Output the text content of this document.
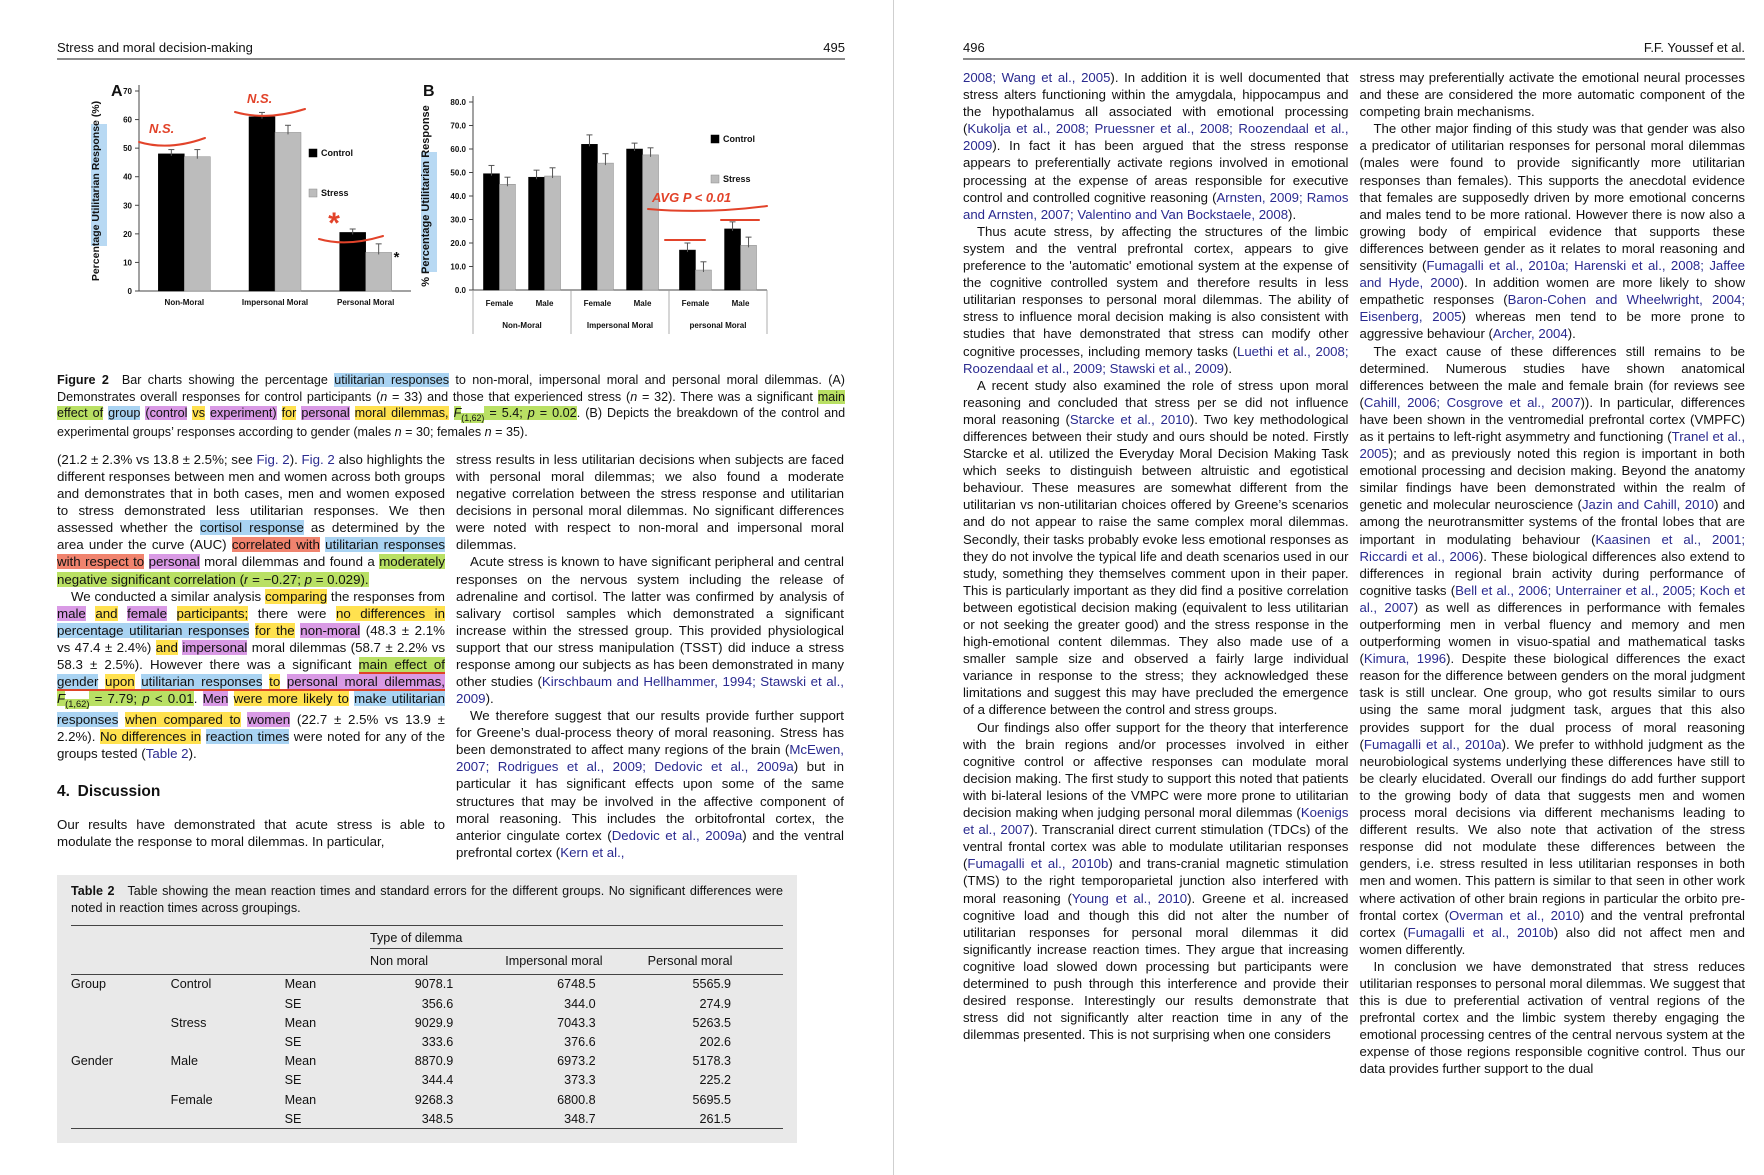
Stress and moral decision-making	495
Percentage Utilitarian Response (%)
0
10
20
30
40
50
60
70
Non-Moral	Impersonal Moral	Personal Moral
Control
Stress
A
N.S.
N.S.
*
* % Percentage Utilitarian Response
0.0
10.0
20.0
30.0
40.0
50.0
60.0
70.0
80.0
Female	Male	Female	Male	Female	Male
Non-Moral	Impersonal Moral	personal Moral
Control
Stress
B
AVG P < 0.01

Figure 2 Bar charts showing the percentage utilitarian responses to non-moral, impersonal moral and personal moral dilemmas. (A) Demonstrates overall responses for control participants (n = 33) and those that experienced stress (n = 32). There was a significant main effect of group (control vs experiment) for personal moral dilemmas, $F_{(1,62)} = 5.4$; p = 0.02. (B) Depicts the breakdown of the control and experimental groups’ responses according to gender (males n = 30; females n = 35).

(21.2 ± 2.3% vs 13.8 ± 2.5%; see Fig. 2). Fig. 2 also highlights the different responses between men and women across both groups and demonstrates that in both cases, men and women exposed to stress demonstrated less utilitarian responses. We then assessed whether the cortisol response as determined by the area under the curve (AUC) correlated with utilitarian responses with respect to personal moral dilemmas and found a moderately negative significant correlation (r = −0.27; p = 0.029).

We conducted a similar analysis comparing the responses from male and female participants; there were no differences in percentage utilitarian responses for the non-moral (48.3 ± 2.1% vs 47.4 ± 2.4%) and impersonal moral dilemmas (58.7 ± 2.2% vs 58.3 ± 2.5%). However there was a significant main effect of gender upon utilitarian responses to personal moral dilemmas, $F_{(1,62)} = 7.79$; p < 0.01. Men were more likely to make utilitarian responses when compared to women (22.7 ± 2.5% vs 13.9 ± 2.2%). No differences in reaction times were noted for any of the groups tested (Table 2).

4. Discussion

Our results have demonstrated that acute stress is able to modulate the response to moral dilemmas. In particular,

stress results in less utilitarian decisions when subjects are faced with personal moral dilemmas; we also found a moderate negative correlation between the stress response and utilitarian decisions in personal moral dilemmas. No significant differences were noted with respect to non-moral and impersonal moral dilemmas.

Acute stress is known to have significant peripheral and central responses on the nervous system including the release of adrenaline and cortisol. The latter was confirmed by analysis of salivary cortisol samples which demonstrated a significant increase within the stressed group. This provided physiological support that our stress manipulation (TSST) did induce a stress response among our subjects as has been demonstrated in many other studies (Kirschbaum and Hellhammer, 1994; Stawski et al., 2009).

We therefore suggest that our results provide further support for Greene’s dual-process theory of moral reasoning. Stress has been demonstrated to affect many regions of the brain (McEwen, 2007; Rodrigues et al., 2009; Dedovic et al., 2009a) but in particular it has significant effects upon some of the same structures that may be involved in the affective component of moral reasoning. This includes the orbitofrontal cortex, the anterior cingulate cortex (Dedovic et al., 2009a) and the ventral prefrontal cortex (Kern et al.,

Table 2 Table showing the mean reaction times and standard errors for the different groups. No significant differences were noted in reaction times across groupings.

			Type of dilemma		
			Non moral	Impersonal moral	Personal moral
Group	Control	Mean	9078.1	6748.5	5565.9
		SE	356.6	344.0	274.9
	Stress	Mean	9029.9	7043.3	5263.5
		SE	333.6	376.6	202.6
Gender	Male	Mean	8870.9	6973.2	5178.3
		SE	344.4	373.3	225.2
	Female	Mean	9268.3	6800.8	5695.5
		SE	348.5	348.7	261.5
496	F.F. Youssef et al.

2008; Wang et al., 2005). In addition it is well documented that stress alters functioning within the amygdala, hippocampus and the hypothalamus all associated with emotional processing (Kukolja et al., 2008; Pruessner et al., 2008; Roozendaal et al., 2009). In fact it has been argued that the stress response appears to preferentially activate regions involved in emotional processing at the expense of areas responsible for executive control and controlled cognitive reasoning (Arnsten, 2009; Ramos and Arnsten, 2007; Valentino and Van Bockstaele, 2008).

Thus acute stress, by affecting the structures of the limbic system and the ventral prefrontal cortex, appears to give preference to the 'automatic' emotional system at the expense of the cognitive controlled system and therefore results in less utilitarian responses to personal moral dilemmas. The ability of stress to influence moral decision making is also consistent with studies that have demonstrated that stress can modify other cognitive processes, including memory tasks (Luethi et al., 2008; Roozendaal et al., 2009; Stawski et al., 2009).

A recent study also examined the role of stress upon moral reasoning and concluded that stress per se did not influence moral reasoning (Starcke et al., 2010). Two key methodological differences between their study and ours should be noted. Firstly Starcke et al. utilized the Everyday Moral Decision Making Task which seeks to distinguish between altruistic and egotistical behaviour. These measures are somewhat different from the utilitarian vs non-utilitarian choices offered by Greene’s scenarios and do not appear to raise the same complex moral dilemmas. Secondly, their tasks probably evoke less emotional responses as they do not involve the typical life and death scenarios used in our study, something they themselves comment upon in their paper. This is particularly important as they did find a positive correlation between egotistical decision making (equivalent to less utilitarian or not seeking the greater good) and the stress response in the high-emotional content dilemmas. They also made use of a smaller sample size and observed a fairly large individual variance in response to the stress; they acknowledged these limitations and suggest this may have precluded the emergence of a difference between the control and stress groups.

Our findings also offer support for the theory that interference with the brain regions and/or processes involved in either cognitive control or affective responses can modulate moral decision making. The first study to support this noted that patients with bi-lateral lesions of the VMPC were more prone to utilitarian decision making when judging personal moral dilemmas (Koenigs et al., 2007). Transcranial direct current stimulation (TDCs) of the ventral frontal cortex was able to modulate utilitarian responses (Fumagalli et al., 2010b) and trans-cranial magnetic stimulation (TMS) to the right temporoparietal junction also interfered with moral reasoning (Young et al., 2010). Greene et al. increased cognitive load and though this did not alter the number of utilitarian responses for personal moral dilemmas it did significantly increase reaction times. They argue that increasing cognitive load slowed down processing but participants were determined to push through this interference and provide their desired response. Interestingly our results demonstrate that stress did not significantly alter reaction time in any of the dilemmas presented. This is not surprising when one considers

stress may preferentially activate the emotional neural processes and these are considered the more automatic component of the competing brain mechanisms.

The other major finding of this study was that gender was also a predicator of utilitarian responses for personal moral dilemmas (males were found to provide significantly more utilitarian responses than females). This supports the anecdotal evidence that females are supposedly driven by more emotional concerns and males tend to be more rational. However there is now also a growing body of empirical evidence that supports these differences between gender as it relates to moral reasoning and sensitivity (Fumagalli et al., 2010a; Harenski et al., 2008; Jaffee and Hyde, 2000). In addition women are more likely to show empathetic responses (Baron-Cohen and Wheelwright, 2004; Eisenberg, 2005) whereas men tend to be more prone to aggressive behaviour (Archer, 2004).

The exact cause of these differences still remains to be determined. Numerous studies have shown anatomical differences between the male and female brain (for reviews see (Cahill, 2006; Cosgrove et al., 2007)). In particular, differences have been shown in the ventromedial prefrontal cortex (VMPFC) as it pertains to left-right asymmetry and functioning (Tranel et al., 2005); and as previously noted this region is important in both emotional processing and decision making. Beyond the anatomy similar findings have been demonstrated within the realm of genetic and molecular neuroscience (Jazin and Cahill, 2010) and among the neurotransmitter systems of the frontal lobes that are important in modulating behaviour (Kaasinen et al., 2001; Riccardi et al., 2006). These biological differences also extend to differences in regional brain activity during performance of cognitive tasks (Bell et al., 2006; Unterrainer et al., 2005; Koch et al., 2007) as well as differences in performance with females outperforming men in verbal fluency and memory and men outperforming women in visuo-spatial and mathematical tasks (Kimura, 1996). Despite these biological differences the exact reason for the difference between genders on the moral judgment task is still unclear. One group, who got results similar to ours using the same moral judgment task, argues that this also provides support for the dual process of moral reasoning (Fumagalli et al., 2010a). We prefer to withhold judgment as the neurobiological systems underlying these differences have still to be clearly elucidated. Overall our findings do add further support to the growing body of data that suggests men and women process moral decisions via different mechanisms leading to different results. We also note that activation of the stress response did not modulate these differences between the genders, i.e. stress resulted in less utilitarian responses in both men and women. This pattern is similar to that seen in other work where activation of other brain regions in particular the orbito pre-frontal cortex (Overman et al., 2010) and the ventral prefrontal cortex (Fumagalli et al., 2010b) also did not affect men and women differently.

In conclusion we have demonstrated that stress reduces utilitarian responses to personal moral dilemmas. We suggest that this is due to preferential activation of ventral regions of the prefrontal cortex and the limbic system thereby engaging the emotional processing centres of the central nervous system at the expense of those regions responsible cognitive control. Thus our data provides further support to the dual
